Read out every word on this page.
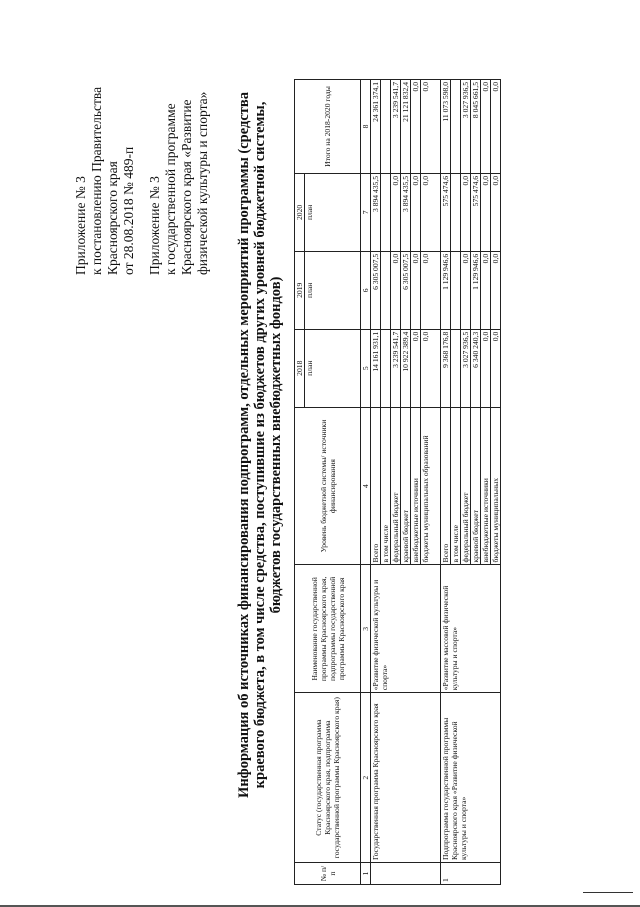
Приложение № 3 к постановлению Правительства Красноярского края от 28.08.2018 № 489-п Приложение № 3 к государственной программе Красноярского края «Развитие физической культуры и спорта» Информация об источниках финансирования подпрограмм, отдельных мероприятий программы (средства краевого бюджета, в том числе средства, поступившие из бюджетов других уровней бюджетной системы, бюджетов государственных внебюджетных фондов)
№ п/п	Статус (государственная программа Красноярского края, подпрограмма государственной программы Красноярского края)	Наименование государственной программы Красноярского края, подпрограммы государственной программы Красноярского края	Уровень бюджетной системы/ источники финансирования	2018	2019	2020	Итого на 2018-2020 годы
				план	план	план	
1	2	3	4	5	6	7	8
	Государственная программа Красноярского края	«Развитие физической культуры и спорта»	Всего	14 161 931,1	6 305 007,5	3 894 435,5	24 361 374,1
			в том числе				
			федеральный бюджет	3 239 541,7	0,0	0,0	3 239 541,7
			краевой бюджет	10 922 389,4	6 305 007,5	3 894 435,5	21 121 832,4
			внебюджетные источники	0,0	0,0	0,0	0,0
			бюджеты муниципальных образований	0,0	0,0	0,0	0,0
1	Подпрограмма государственной программы Красноярского края «Развитие физической культуры и спорта»	«Развитие массовой физической культуры и спорта»	Всего	9 368 176,8	1 129 946,6	575 474,6	11 073 598,0
			в том числе				
			федеральный бюджет	3 027 936,5	0,0	0,0	3 027 936,5
			краевой бюджет	6 340 240,3	1 129 946,6	575 474,6	8 045 661,5
			внебюджетные источники	0,0	0,0	0,0	0,0
			бюджеты муниципальных	0,0	0,0	0,0	0,0
